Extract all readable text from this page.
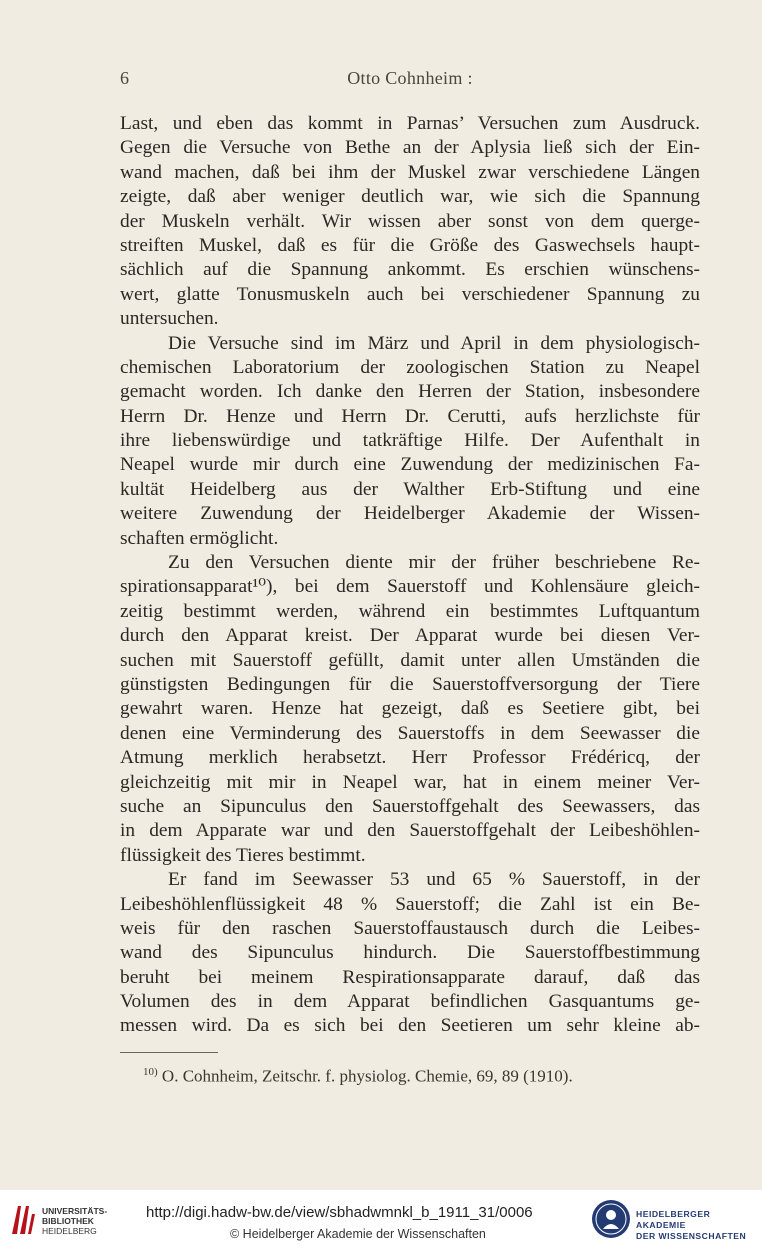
6	Otto Cohnheim :
Last, und eben das kommt in Parnas’ Versuchen zum Ausdruck.
Gegen die Versuche von Bethe an der Aplysia ließ sich der Ein-
wand machen, daß bei ihm der Muskel zwar verschiedene Längen
zeigte, daß aber weniger deutlich war, wie sich die Spannung
der Muskeln verhält. Wir wissen aber sonst von dem querge-
streiften Muskel, daß es für die Größe des Gaswechsels haupt-
sächlich auf die Spannung ankommt. Es erschien wünschens-
wert, glatte Tonusmuskeln auch bei verschiedener Spannung zu
untersuchen.
Die Versuche sind im März und April in dem physiologisch-
chemischen Laboratorium der zoologischen Station zu Neapel
gemacht worden. Ich danke den Herren der Station, insbesondere
Herrn Dr. Henze und Herrn Dr. Cerutti, aufs herzlichste für
ihre liebenswürdige und tatkräftige Hilfe. Der Aufenthalt in
Neapel wurde mir durch eine Zuwendung der medizinischen Fa-
kultät Heidelberg aus der Walther Erb-Stiftung und eine
weitere Zuwendung der Heidelberger Akademie der Wissen-
schaften ermöglicht.
Zu den Versuchen diente mir der früher beschriebene Re-
spirationsapparat¹⁰), bei dem Sauerstoff und Kohlensäure gleich-
zeitig bestimmt werden, während ein bestimmtes Luftquantum
durch den Apparat kreist. Der Apparat wurde bei diesen Ver-
suchen mit Sauerstoff gefüllt, damit unter allen Umständen die
günstigsten Bedingungen für die Sauerstoffversorgung der Tiere
gewahrt waren. Henze hat gezeigt, daß es Seetiere gibt, bei
denen eine Verminderung des Sauerstoffs in dem Seewasser die
Atmung merklich herabsetzt. Herr Professor Frédéricq, der
gleichzeitig mit mir in Neapel war, hat in einem meiner Ver-
suche an Sipunculus den Sauerstoffgehalt des Seewassers, das
in dem Apparate war und den Sauerstoffgehalt der Leibeshöhlen-
flüssigkeit des Tieres bestimmt.
Er fand im Seewasser 53 und 65 % Sauerstoff, in der
Leibeshöhlenflüssigkeit 48 % Sauerstoff; die Zahl ist ein Be-
weis für den raschen Sauerstoffaustausch durch die Leibes-
wand des Sipunculus hindurch. Die Sauerstoffbestimmung
beruht bei meinem Respirationsapparate darauf, daß das
Volumen des in dem Apparat befindlichen Gasquantums ge-
messen wird. Da es sich bei den Seetieren um sehr kleine ab-
$^{10)}$ O. Cohnheim, Zeitschr. f. physiolog. Chemie, 69, 89 (1910).
UNIVERSITÄTS-
BIBLIOTHEK
HEIDELBERG
http://digi.hadw-bw.de/view/sbhadwmnkl_b_1911_31/0006
© Heidelberger Akademie der Wissenschaften
HEIDELBERGER AKADEMIE
DER WISSENSCHAFTEN
